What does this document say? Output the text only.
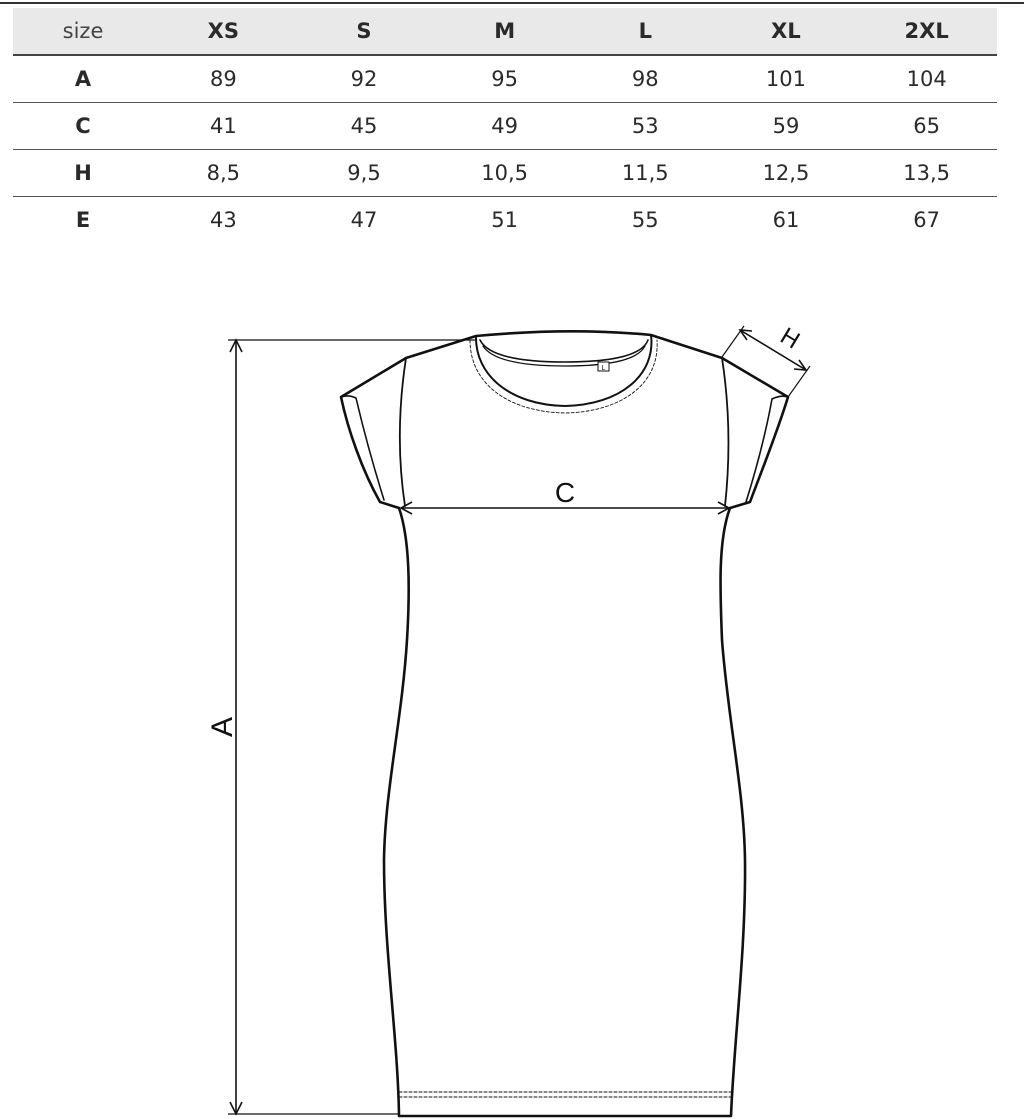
size	XS	S	M	L	XL	2XL
A	89	92	95	98	101	104
C	41	45	49	53	59	65
H	8,5	9,5	10,5	11,5	12,5	13,5
E	43	47	51	55	61	67
L
A
C
H
